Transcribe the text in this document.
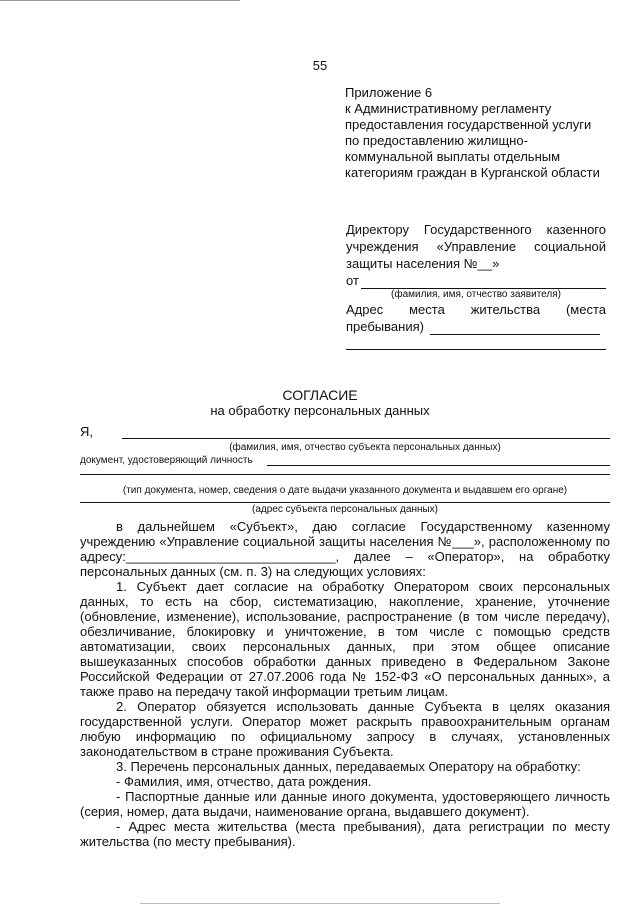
55
Приложение 6
к Административному регламенту
предоставления государственной услуги
по предоставлению жилищно-
коммунальной выплаты отдельным
категориям граждан в Курганской области
Директору Государственного казенного
учреждения «Управление социальной
защиты населения №__»
от
(фамилия, имя, отчество заявителя)
Адрес места жительства (места
пребывания)
СОГЛАСИЕ
на обработку персональных данных
Я,
(фамилия, имя, отчество субъекта персональных данных)
документ, удостоверяющий личность
(тип документа, номер, сведения о дате выдачи указанного документа и выдавшем его органе)
(адрес субъекта персональных данных)

в дальнейшем «Субъект», даю согласие Государственному казенному учреждению «Управление социальной защиты населения №___», расположенному по адресу:_____________________________, далее – «Оператор», на обработку персональных данных (см. п. 3) на следующих условиях:

1. Субъект дает согласие на обработку Оператором своих персональных данных, то есть на сбор, систематизацию, накопление, хранение, уточнение (обновление, изменение), использование, распространение (в том числе передачу), обезличивание, блокировку и уничтожение, в том числе с помощью средств автоматизации, своих персональных данных, при этом общее описание вышеуказанных способов обработки данных приведено в Федеральном Законе Российской Федерации от 27.07.2006 года № 152-ФЗ «О персональных данных», а также право на передачу такой информации третьим лицам.

2. Оператор обязуется использовать данные Субъекта в целях оказания государственной услуги. Оператор может раскрыть правоохранительным органам любую информацию по официальному запросу в случаях, установленных законодательством в стране проживания Субъекта.

3. Перечень персональных данных, передаваемых Оператору на обработку:

- Фамилия, имя, отчество, дата рождения.

- Паспортные данные или данные иного документа, удостоверяющего личность (серия, номер, дата выдачи, наименование органа, выдавшего документ).

- Адрес места жительства (места пребывания), дата регистрации по месту жительства (по месту пребывания).
